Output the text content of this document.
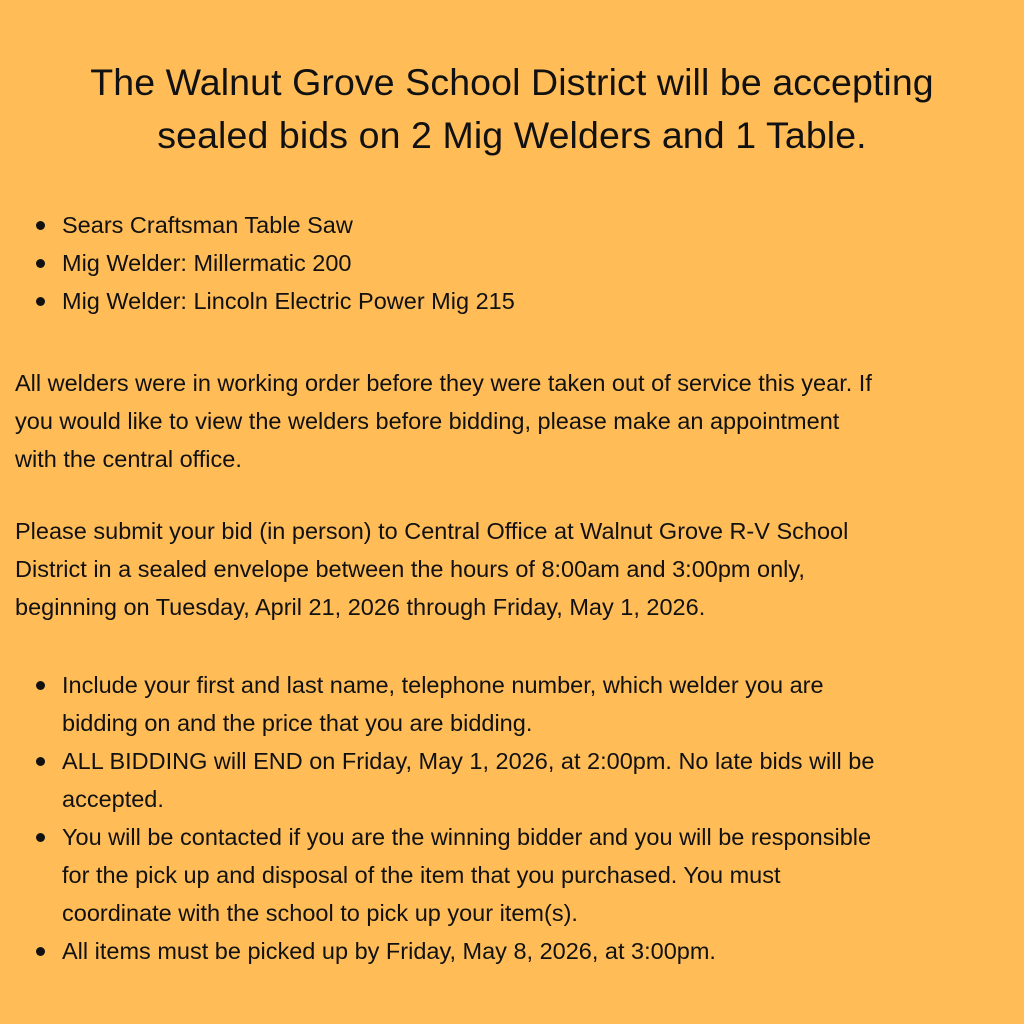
The Walnut Grove School District will be accepting
sealed bids on 2 Mig Welders and 1 Table.
Sears Craftsman Table Saw
Mig Welder: Millermatic 200
Mig Welder: Lincoln Electric Power Mig 215

All welders were in working order before they were taken out of service this year. If
you would like to view the welders before bidding, please make an appointment
with the central office.

Please submit your bid (in person) to Central Office at Walnut Grove R-V School
District in a sealed envelope between the hours of 8:00am and 3:00pm only,
beginning on Tuesday, April 21, 2026 through Friday, May 1, 2026.

Include your first and last name, telephone number, which welder you are
bidding on and the price that you are bidding.
ALL BIDDING will END on Friday, May 1, 2026, at 2:00pm. No late bids will be
accepted.
You will be contacted if you are the winning bidder and you will be responsible
for the pick up and disposal of the item that you purchased. You must
coordinate with the school to pick up your item(s).
All items must be picked up by Friday, May 8, 2026, at 3:00pm.
